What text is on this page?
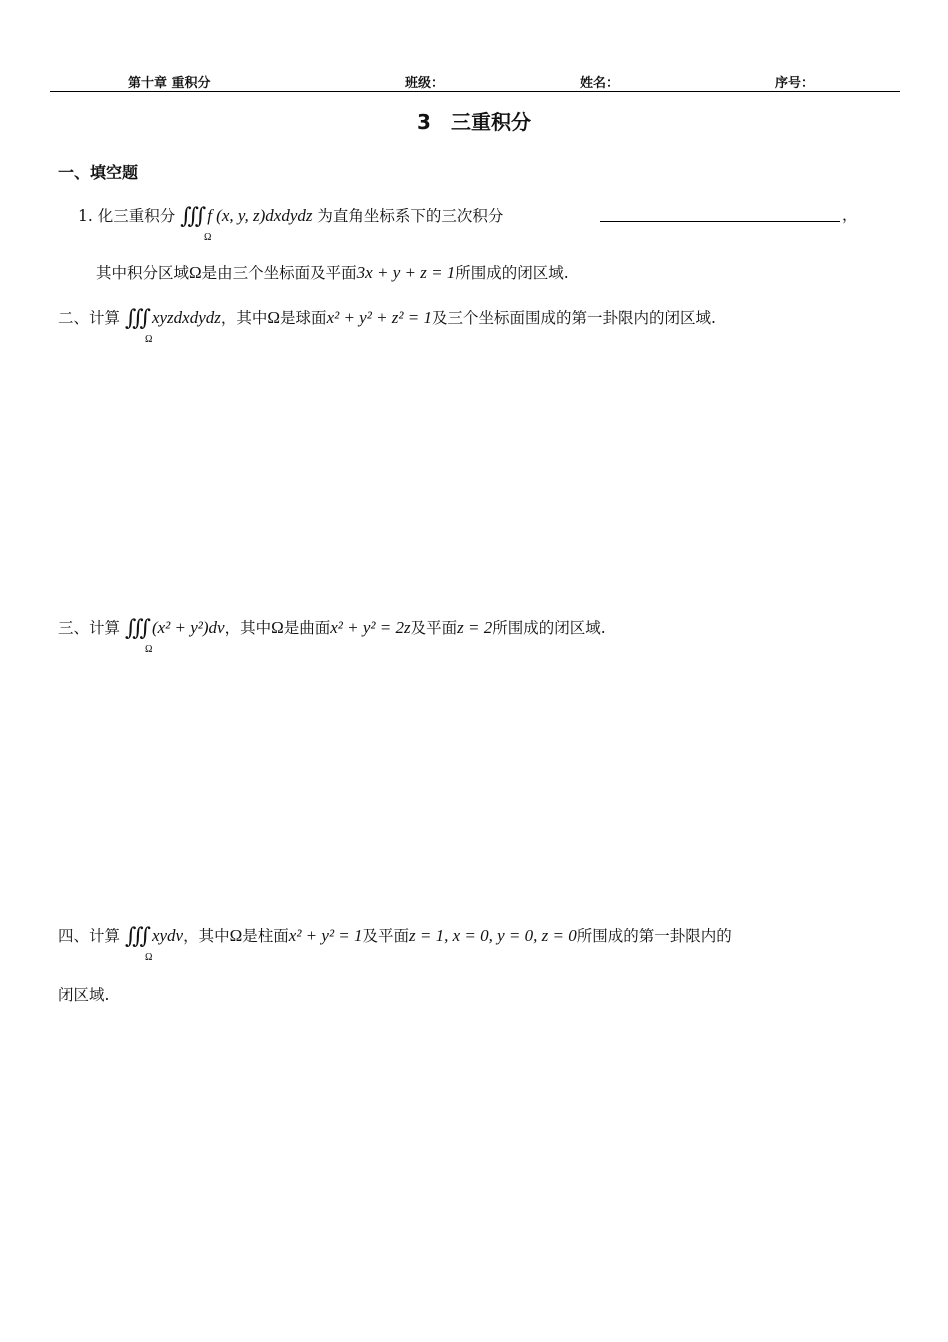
第十章 重积分	班级：	姓名：	序号：
3　三重积分
一、填空题
1. 化三重积分 ∭ f (x, y, z)dxdydz 为直角坐标系下的三次积分
Ω
，
其中积分区域Ω是由三个坐标面及平面3x + y + z = 1所围成的闭区域.
二、计算 ∭ xyzdxdydz，其中Ω是球面x² + y² + z² = 1及三个坐标面围成的第一卦限内的闭区域.
Ω
三、计算 ∭ (x² + y²)dv，其中Ω是曲面x² + y² = 2z及平面z = 2所围成的闭区域.
Ω
四、计算 ∭ xydv，其中Ω是柱面x² + y² = 1及平面z = 1, x = 0, y = 0, z = 0所围成的第一卦限内的
Ω
闭区域.
